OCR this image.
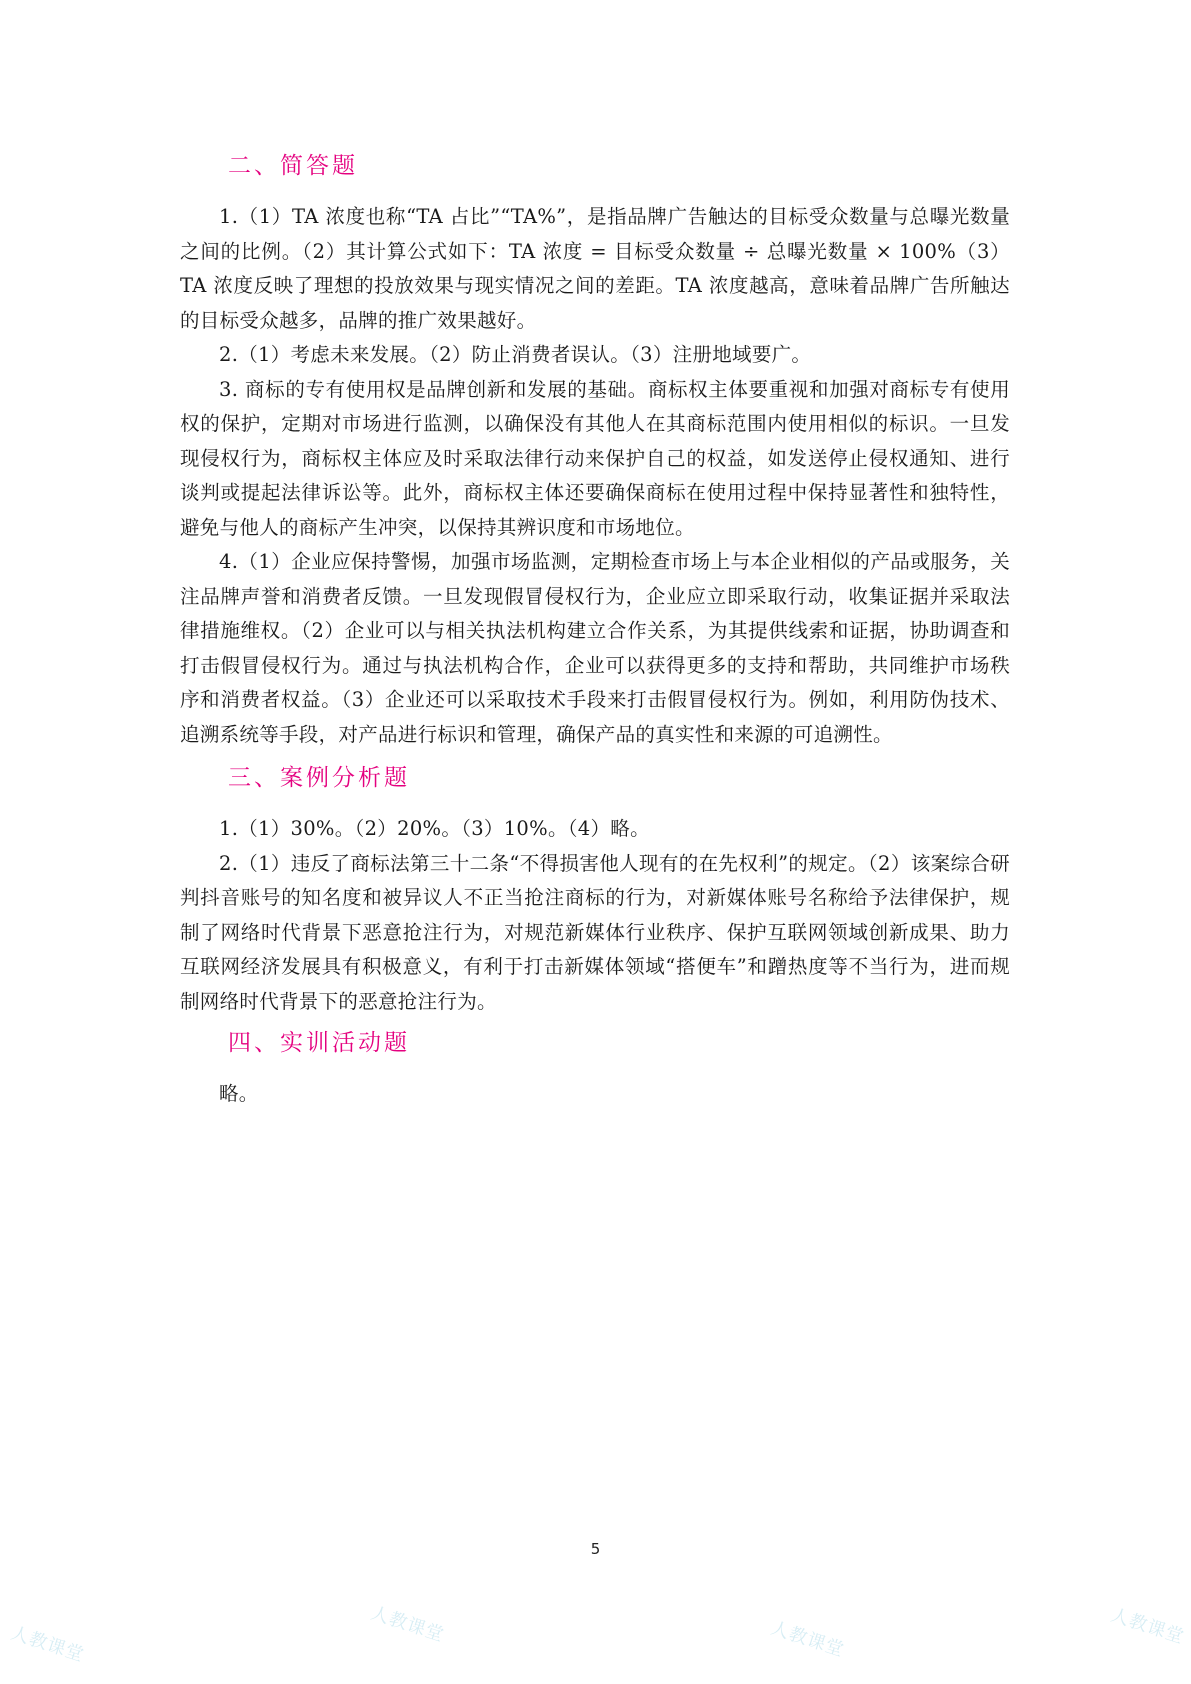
二、简答题

1.（1）TA 浓度也称“TA 占比”“TA%”，是指品牌广告触达的目标受众数量与总曝光数量之间的比例。（2）其计算公式如下：TA 浓度 = 目标受众数量 ÷ 总曝光数量 × 100%（3）TA 浓度反映了理想的投放效果与现实情况之间的差距。TA 浓度越高，意味着品牌广告所触达的目标受众越多，品牌的推广效果越好。

2.（1）考虑未来发展。（2）防止消费者误认。（3）注册地域要广。

3. 商标的专有使用权是品牌创新和发展的基础。商标权主体要重视和加强对商标专有使用权的保护，定期对市场进行监测，以确保没有其他人在其商标范围内使用相似的标识。一旦发现侵权行为，商标权主体应及时采取法律行动来保护自己的权益，如发送停止侵权通知、进行谈判或提起法律诉讼等。此外，商标权主体还要确保商标在使用过程中保持显著性和独特性，避免与他人的商标产生冲突，以保持其辨识度和市场地位。

4.（1）企业应保持警惕，加强市场监测，定期检查市场上与本企业相似的产品或服务，关注品牌声誉和消费者反馈。一旦发现假冒侵权行为，企业应立即采取行动，收集证据并采取法律措施维权。（2）企业可以与相关执法机构建立合作关系，为其提供线索和证据，协助调查和打击假冒侵权行为。通过与执法机构合作，企业可以获得更多的支持和帮助，共同维护市场秩序和消费者权益。（3）企业还可以采取技术手段来打击假冒侵权行为。例如，利用防伪技术、追溯系统等手段，对产品进行标识和管理，确保产品的真实性和来源的可追溯性。

三、案例分析题

1.（1）30%。（2）20%。（3）10%。（4）略。

2.（1）违反了商标法第三十二条“不得损害他人现有的在先权利”的规定。（2）该案综合研判抖音账号的知名度和被异议人不正当抢注商标的行为，对新媒体账号名称给予法律保护，规制了网络时代背景下恶意抢注行为，对规范新媒体行业秩序、保护互联网领域创新成果、助力互联网经济发展具有积极意义，有利于打击新媒体领域“搭便车”和蹭热度等不当行为，进而规制网络时代背景下的恶意抢注行为。

四、实训活动题

略。

5
人教课堂	人教课堂	人教课堂	人教课堂
